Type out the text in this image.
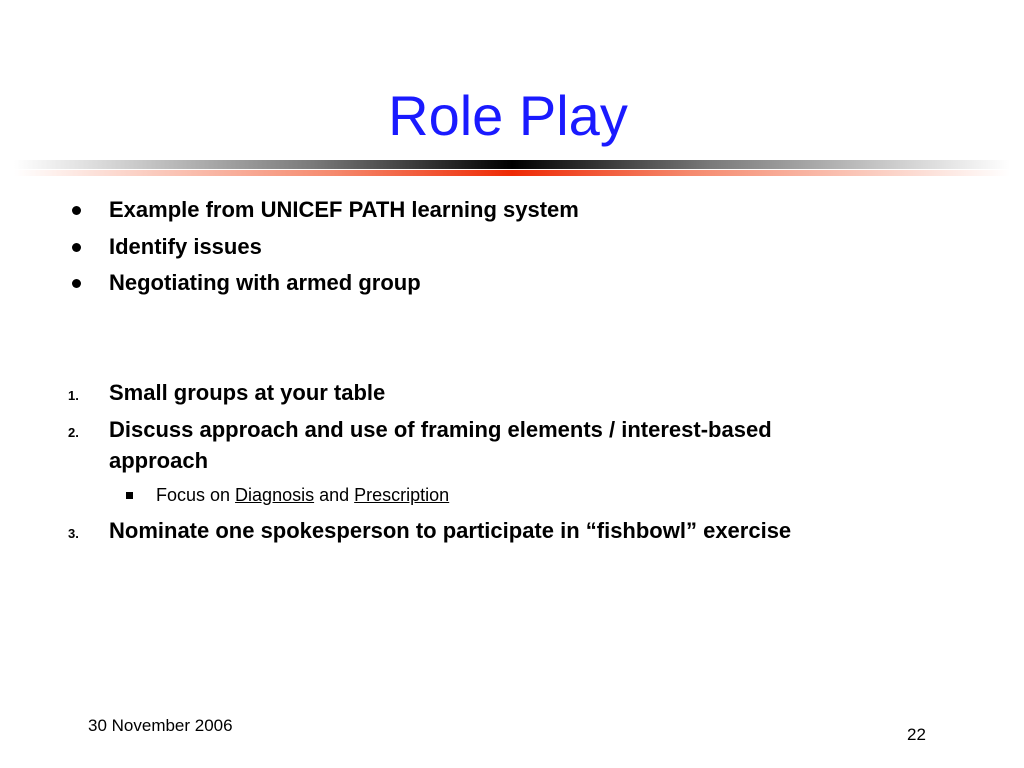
Role Play
Example from UNICEF PATH learning system
Identify issues
Negotiating with armed group
1. Small groups at your table
2. Discuss approach and use of framing elements / interest-based
approach
Focus on Diagnosis and Prescription
3. Nominate one spokesperson to participate in “fishbowl” exercise
30 November 2006	22
